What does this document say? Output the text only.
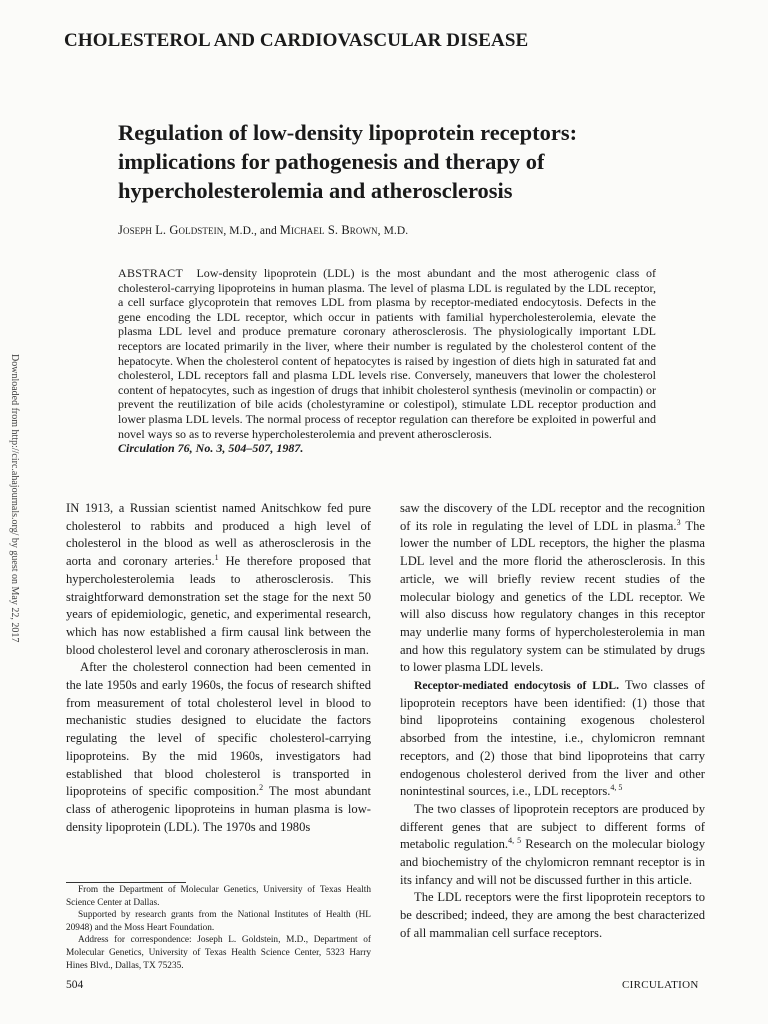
CHOLESTEROL AND CARDIOVASCULAR DISEASE
Regulation of low-density lipoprotein receptors: implications for pathogenesis and therapy of hypercholesterolemia and atherosclerosis
Joseph L. Goldstein, M.D., and Michael S. Brown, M.D.
ABSTRACT Low-density lipoprotein (LDL) is the most abundant and the most atherogenic class of cholesterol-carrying lipoproteins in human plasma. The level of plasma LDL is regulated by the LDL receptor, a cell surface glycoprotein that removes LDL from plasma by receptor-mediated endocytosis. Defects in the gene encoding the LDL receptor, which occur in patients with familial hypercholesterolemia, elevate the plasma LDL level and produce premature coronary atherosclerosis. The physiologically important LDL receptors are located primarily in the liver, where their number is regulated by the cholesterol content of the hepatocyte. When the cholesterol content of hepatocytes is raised by ingestion of diets high in saturated fat and cholesterol, LDL receptors fall and plasma LDL levels rise. Conversely, maneuvers that lower the cholesterol content of hepatocytes, such as ingestion of drugs that inhibit cholesterol synthesis (mevinolin or compactin) or prevent the reutilization of bile acids (cholestyramine or colestipol), stimulate LDL receptor production and lower plasma LDL levels. The normal process of receptor regulation can therefore be exploited in powerful and novel ways so as to reverse hypercholesterolemia and prevent atherosclerosis.
Circulation 76, No. 3, 504–507, 1987.
Downloaded from http://circ.ahajournals.org/ by guest on May 22, 2017	IN 1913, a Russian scientist named Anitschkow fed pure cholesterol to rabbits and produced a high level of cholesterol in the blood as well as atherosclerosis in the aorta and coronary arteries.$^1$ He therefore proposed that hypercholesterolemia leads to atherosclerosis. This straightforward demonstration set the stage for the next 50 years of epidemiologic, genetic, and experimental research, which has now established a firm causal link between the blood cholesterol level and coronary atherosclerosis in man.

After the cholesterol connection had been cemented in the late 1950s and early 1960s, the focus of research shifted from measurement of total cholesterol level in blood to mechanistic studies designed to elucidate the factors regulating the level of specific cholesterol-carrying lipoproteins. By the mid 1960s, investigators had established that blood cholesterol is transported in lipoproteins of specific composition.$^2$ The most abundant class of atherogenic lipoproteins in human plasma is low-density lipoprotein (LDL). The 1970s and 1980s

saw the discovery of the LDL receptor and the recognition of its role in regulating the level of LDL in plasma.$^3$ The lower the number of LDL receptors, the higher the plasma LDL level and the more florid the atherosclerosis. In this article, we will briefly review recent studies of the molecular biology and genetics of the LDL receptor. We will also discuss how regulatory changes in this receptor may underlie many forms of hypercholesterolemia in man and how this regulatory system can be stimulated by drugs to lower plasma LDL levels.

Receptor-mediated endocytosis of LDL. Two classes of lipoprotein receptors have been identified: (1) those that bind lipoproteins containing exogenous cholesterol absorbed from the intestine, i.e., chylomicron remnant receptors, and (2) those that bind lipoproteins that carry endogenous cholesterol derived from the liver and other nonintestinal sources, i.e., LDL receptors.$^{4, 5}$

The two classes of lipoprotein receptors are produced by different genes that are subject to different forms of metabolic regulation.$^{4, 5}$ Research on the molecular biology and biochemistry of the chylomicron remnant receptor is in its infancy and will not be discussed further in this article.

The LDL receptors were the first lipoprotein receptors to be described; indeed, they are among the best characterized of all mammalian cell surface receptors.

From the Department of Molecular Genetics, University of Texas Health Science Center at Dallas.

Supported by research grants from the National Institutes of Health (HL 20948) and the Moss Heart Foundation.

Address for correspondence: Joseph L. Goldstein, M.D., Department of Molecular Genetics, University of Texas Health Science Center, 5323 Harry Hines Blvd., Dallas, TX 75235.

504	CIRCULATION
